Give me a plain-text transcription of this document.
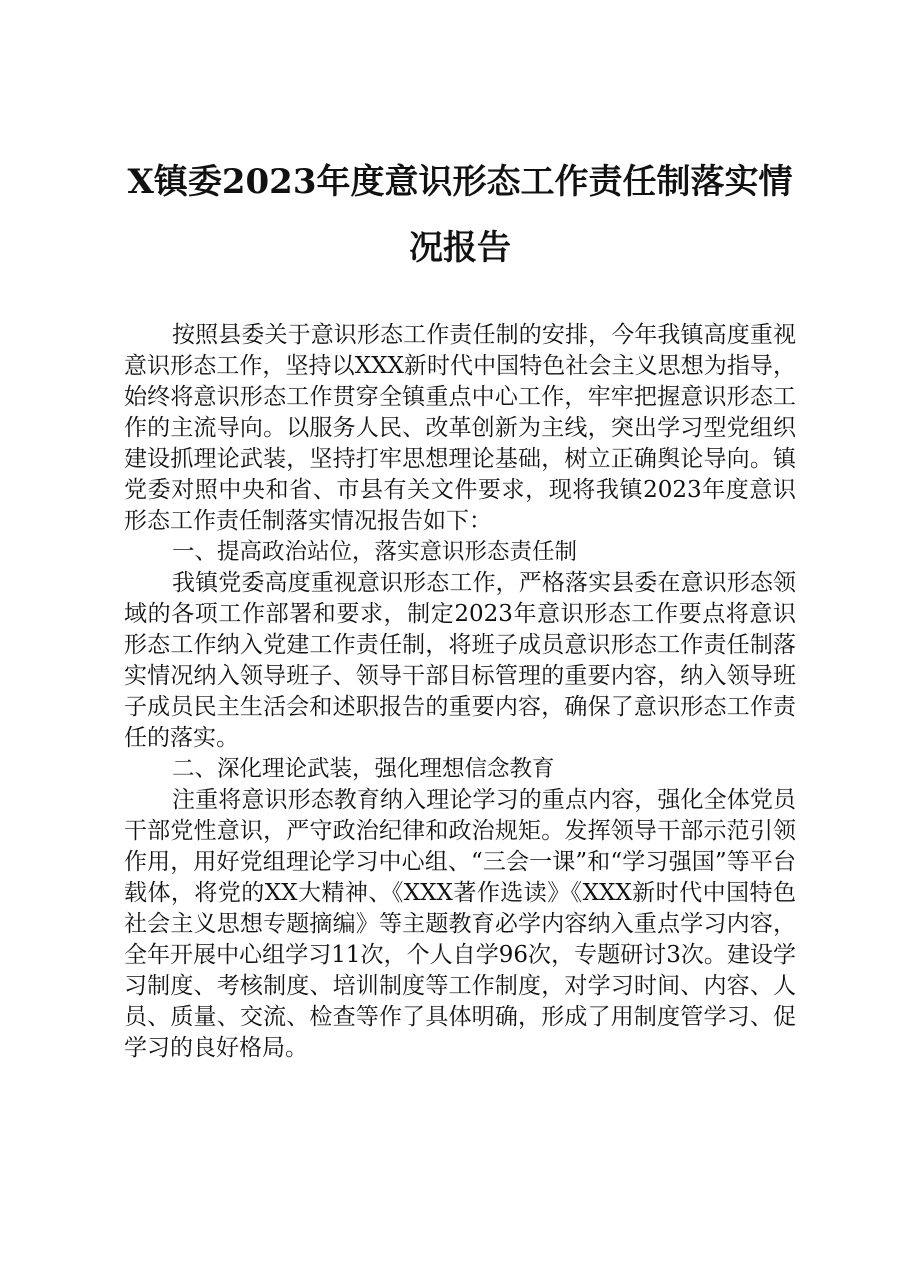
X镇委2023年度意识形态工作责任制落实情
况报告

按照县委关于意识形态工作责任制的安排，今年我镇高度重视意识形态工作，坚持以XXX新时代中国特色社会主义思想为指导，始终将意识形态工作贯穿全镇重点中心工作，牢牢把握意识形态工作的主流导向。以服务人民、改革创新为主线，突出学习型党组织建设抓理论武装，坚持打牢思想理论基础，树立正确舆论导向。镇党委对照中央和省、市县有关文件要求，现将我镇2023年度意识形态工作责任制落实情况报告如下：

一、提高政治站位，落实意识形态责任制

我镇党委高度重视意识形态工作，严格落实县委在意识形态领域的各项工作部署和要求，制定2023年意识形态工作要点将意识形态工作纳入党建工作责任制，将班子成员意识形态工作责任制落实情况纳入领导班子、领导干部目标管理的重要内容，纳入领导班子成员民主生活会和述职报告的重要内容，确保了意识形态工作责任的落实。

二、深化理论武装，强化理想信念教育

注重将意识形态教育纳入理论学习的重点内容，强化全体党员干部党性意识，严守政治纪律和政治规矩。发挥领导干部示范引领作用，用好党组理论学习中心组、“三会一课”和“学习强国”等平台载体，将党的XX大精神、《XXX著作选读》《XXX新时代中国特色社会主义思想专题摘编》等主题教育必学内容纳入重点学习内容，全年开展中心组学习11次，个人自学96次，专题研讨3次。建设学习制度、考核制度、培训制度等工作制度，对学习时间、内容、人员、质量、交流、检查等作了具体明确，形成了用制度管学习、促学习的良好格局。
